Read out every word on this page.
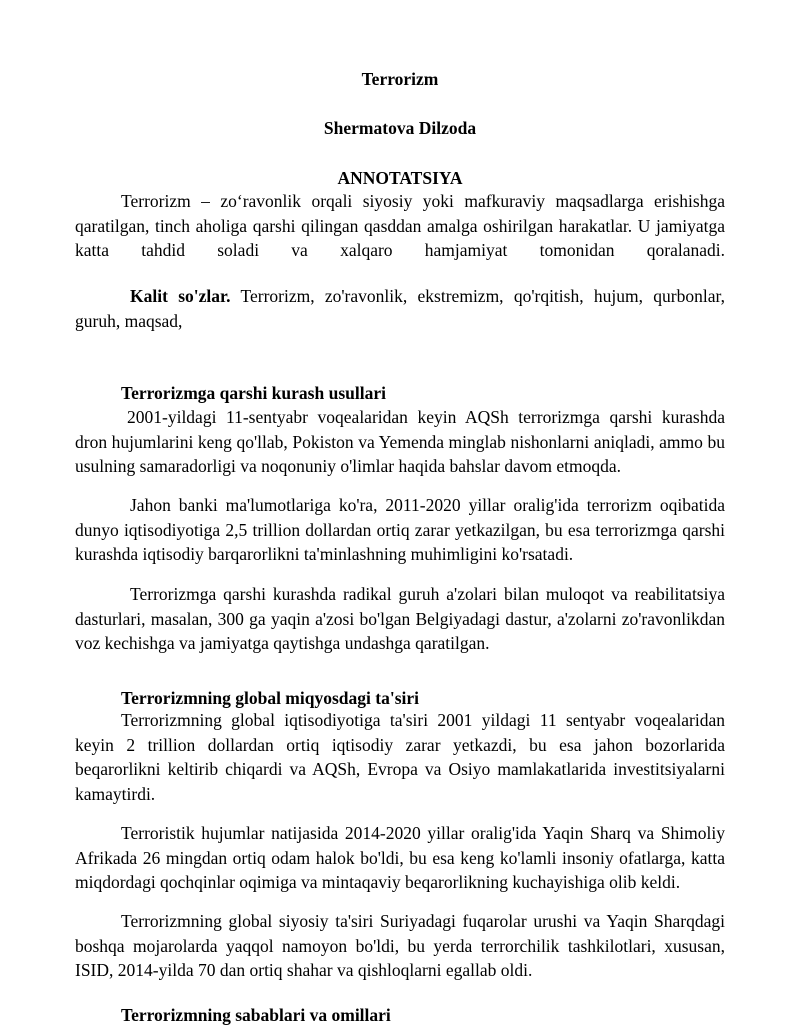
Terrorizm
Shermatova Dilzoda
ANNOTATSIYA

Terrorizm – zo‘ravonlik orqali siyosiy yoki mafkuraviy maqsadlarga erishishga qaratilgan, tinch aholiga qarshi qilingan qasddan amalga oshirilgan harakatlar. U jamiyatga katta tahdid soladi va xalqaro hamjamiyat tomonidan qoralanadi.

Kalit so'zlar. Terrorizm, zo'ravonlik, ekstremizm, qo'rqitish, hujum, qurbonlar, guruh, maqsad,

Terrorizmga qarshi kurash usullari

2001-yildagi 11-sentyabr voqealaridan keyin AQSh terrorizmga qarshi kurashda dron hujumlarini keng qo'llab, Pokiston va Yemenda minglab nishonlarni aniqladi, ammo bu usulning samaradorligi va noqonuniy o'limlar haqida bahslar davom etmoqda.

Jahon banki ma'lumotlariga ko'ra, 2011-2020 yillar oralig'ida terrorizm oqibatida dunyo iqtisodiyotiga 2,5 trillion dollardan ortiq zarar yetkazilgan, bu esa terrorizmga qarshi kurashda iqtisodiy barqarorlikni ta'minlashning muhimligini ko'rsatadi.

Terrorizmga qarshi kurashda radikal guruh a'zolari bilan muloqot va reabilitatsiya dasturlari, masalan, 300 ga yaqin a'zosi bo'lgan Belgiyadagi dastur, a'zolarni zo'ravonlikdan voz kechishga va jamiyatga qaytishga undashga qaratilgan.

Terrorizmning global miqyosdagi ta'siri

Terrorizmning global iqtisodiyotiga ta'siri 2001 yildagi 11 sentyabr voqealaridan keyin 2 trillion dollardan ortiq iqtisodiy zarar yetkazdi, bu esa jahon bozorlarida beqarorlikni keltirib chiqardi va AQSh, Evropa va Osiyo mamlakatlarida investitsiyalarni kamaytirdi.

Terroristik hujumlar natijasida 2014-2020 yillar oralig'ida Yaqin Sharq va Shimoliy Afrikada 26 mingdan ortiq odam halok bo'ldi, bu esa keng ko'lamli insoniy ofatlarga, katta miqdordagi qochqinlar oqimiga va mintaqaviy beqarorlikning kuchayishiga olib keldi.

Terrorizmning global siyosiy ta'siri Suriyadagi fuqarolar urushi va Yaqin Sharqdagi boshqa mojarolarda yaqqol namoyon bo'ldi, bu yerda terrorchilik tashkilotlari, xususan, ISID, 2014-yilda 70 dan ortiq shahar va qishloqlarni egallab oldi.

Terrorizmning sabablari va omillari
